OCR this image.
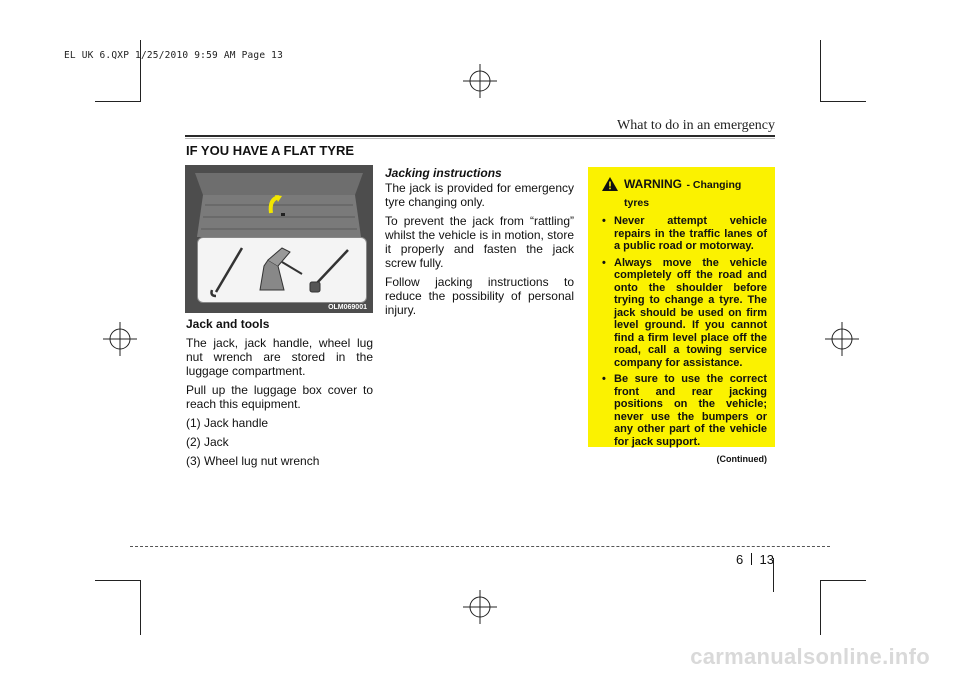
EL UK 6.QXP 1/25/2010 9:59 AM Page 13
What to do in an emergency
IF YOU HAVE A FLAT TYRE
OLM069001

Jack and tools

The jack, jack handle, wheel lug nut wrench are stored in the luggage compartment.

Pull up the luggage box cover to reach this equipment.

(1) Jack handle

(2) Jack

(3) Wheel lug nut wrench

Jacking instructions

The jack is provided for emergency tyre changing only.

To prevent the jack from “rattling” whilst the vehicle is in motion, store it properly and fasten the jack screw fully.

Follow jacking instructions to reduce the possibility of personal injury.

WARNING - Changing tyres
• Never attempt vehicle repairs in the traffic lanes of a public road or motorway.
• Always move the vehicle completely off the road and onto the shoulder before trying to change a tyre. The jack should be used on firm level ground. If you cannot find a firm level place off the road, call a towing service company for assistance.
• Be sure to use the correct front and rear jacking positions on the vehicle; never use the bumpers or any other part of the vehicle for jack support.
(Continued)
6 13
carmanualsonline.info
